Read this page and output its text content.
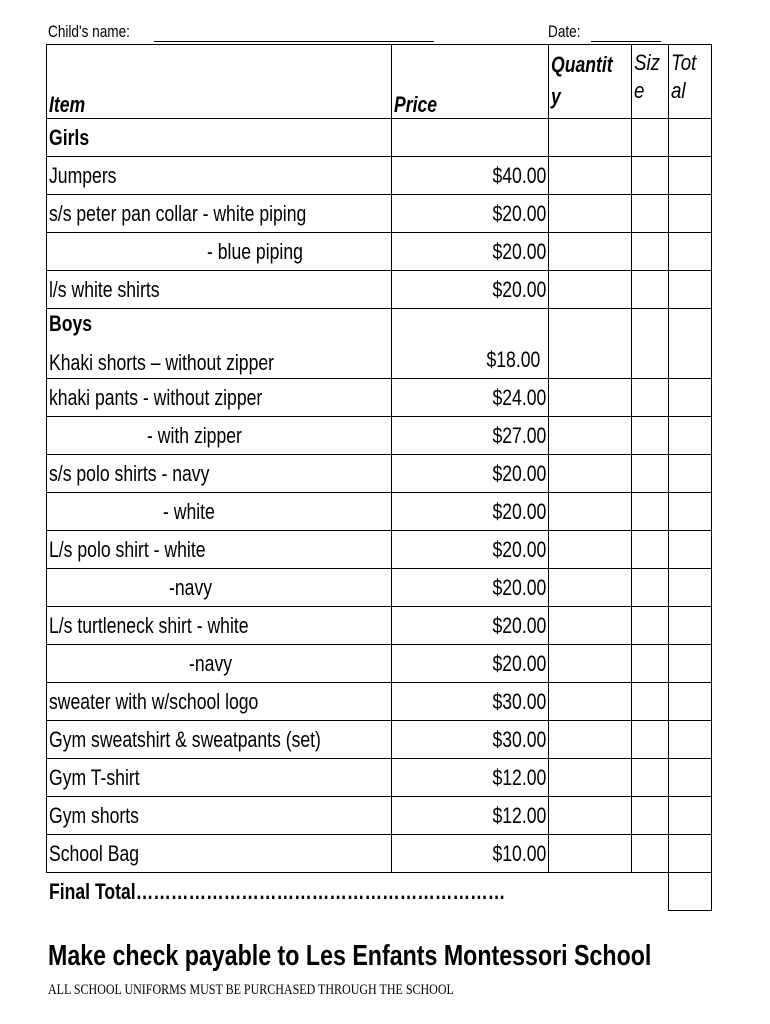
Child's name:	Date:
Item	Price	Quantity	Size	Total

Girls				
Jumpers	$40.00			
s/s peter pan collar - white piping	$20.00			
- blue piping	$20.00			
l/s white shirts	$20.00			

Boys
Khaki shorts – without zipper	$18.00			
khaki pants - without zipper	$24.00			
- with zipper	$27.00			
s/s polo shirts - navy	$20.00			
- white	$20.00			
L/s polo shirt - white	$20.00			
-navy	$20.00			
L/s turtleneck shirt - white	$20.00			
-navy	$20.00			
sweater with w/school logo	$30.00			
Gym sweatshirt & sweatpants (set)	$30.00			
Gym T-shirt	$12.00			
Gym shorts	$12.00			
School Bag	$10.00			
Final Total………………………………………………………				
Make check payable to Les Enfants Montessori School
ALL SCHOOL UNIFORMS MUST BE PURCHASED THROUGH THE SCHOOL
